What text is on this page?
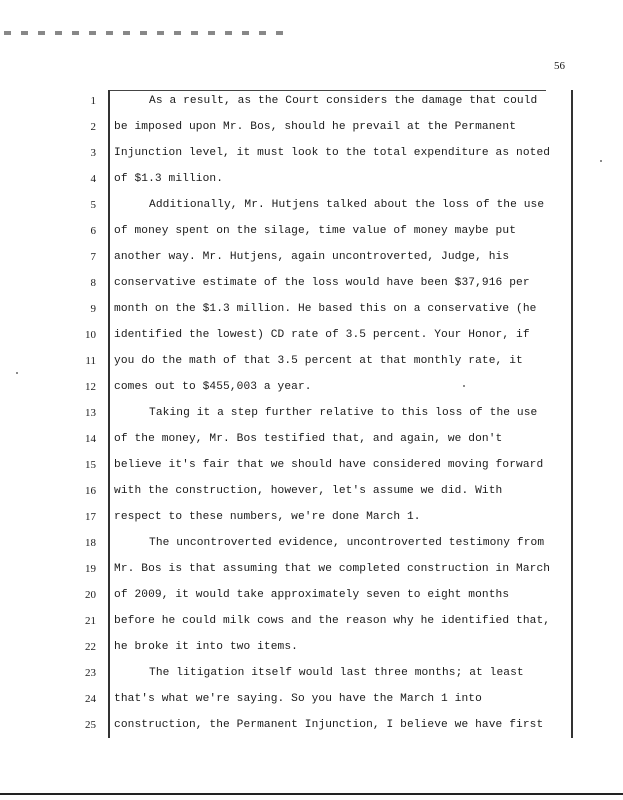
56
1
2
3
4
5
6
7
8
9
10
11
12
13
14
15
16
17
18
19
20
21
22
23
24
25
As a result, as the Court considers the damage that could
be imposed upon Mr. Bos, should he prevail at the Permanent
Injunction level, it must look to the total expenditure as noted
of $1.3 million.
Additionally, Mr. Hutjens talked about the loss of the use
of money spent on the silage, time value of money maybe put
another way. Mr. Hutjens, again uncontroverted, Judge, his
conservative estimate of the loss would have been $37,916 per
month on the $1.3 million. He based this on a conservative (he
identified the lowest) CD rate of 3.5 percent. Your Honor, if
you do the math of that 3.5 percent at that monthly rate, it
comes out to $455,003 a year.
Taking it a step further relative to this loss of the use
of the money, Mr. Bos testified that, and again, we don't
believe it's fair that we should have considered moving forward
with the construction, however, let's assume we did. With
respect to these numbers, we're done March 1.
The uncontroverted evidence, uncontroverted testimony from
Mr. Bos is that assuming that we completed construction in March
of 2009, it would take approximately seven to eight months
before he could milk cows and the reason why he identified that,
he broke it into two items.
The litigation itself would last three months; at least
that's what we're saying. So you have the March 1 into
construction, the Permanent Injunction, I believe we have first
